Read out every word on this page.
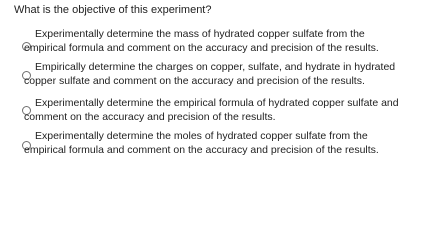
What is the objective of this experiment?
Experimentally determine the mass of hydrated copper sulfate from the
empirical formula and comment on the accuracy and precision of the results.
Empirically determine the charges on copper, sulfate, and hydrate in hydrated
copper sulfate and comment on the accuracy and precision of the results.
Experimentally determine the empirical formula of hydrated copper sulfate and
comment on the accuracy and precision of the results.
Experimentally determine the moles of hydrated copper sulfate from the
empirical formula and comment on the accuracy and precision of the results.
